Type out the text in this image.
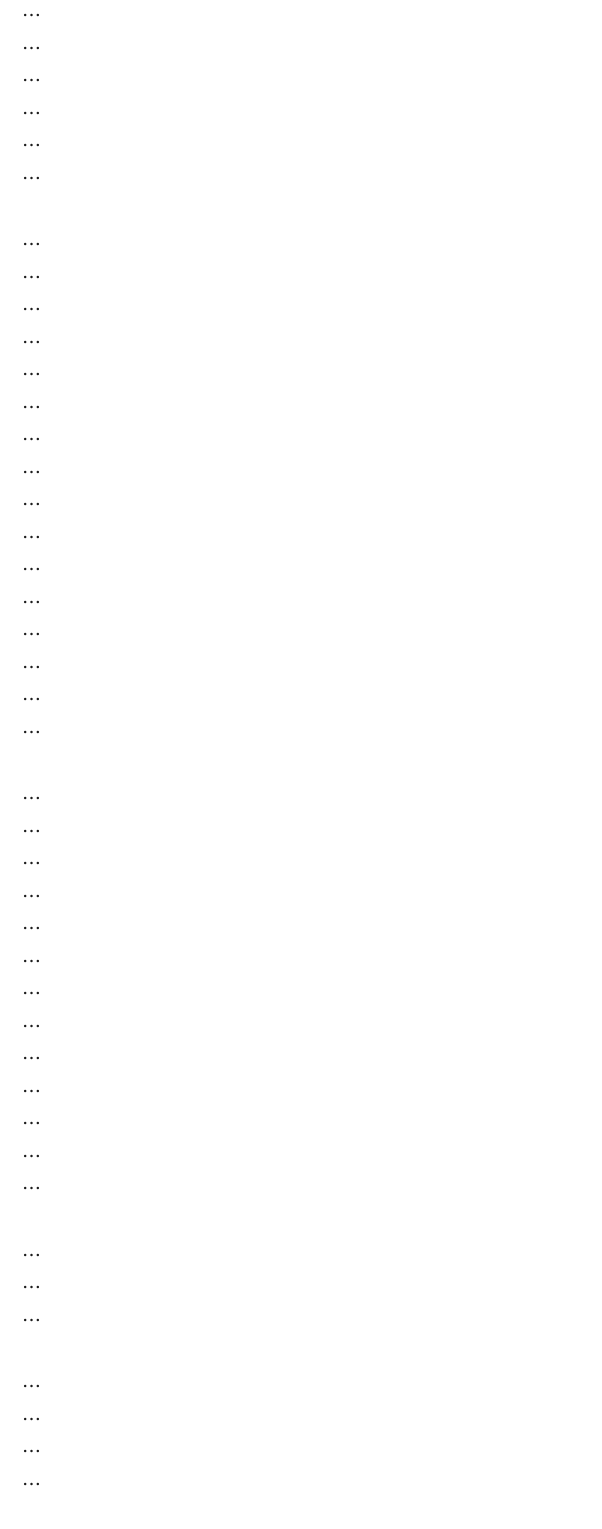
…
…
…
…
…
…
…
…
…
…
…
…
…
…
…
…
…
…
…
…
…
…
…
…
…
…
…
…
…
…
…
…
…
…
…
…
…
…
…
…
…
…
